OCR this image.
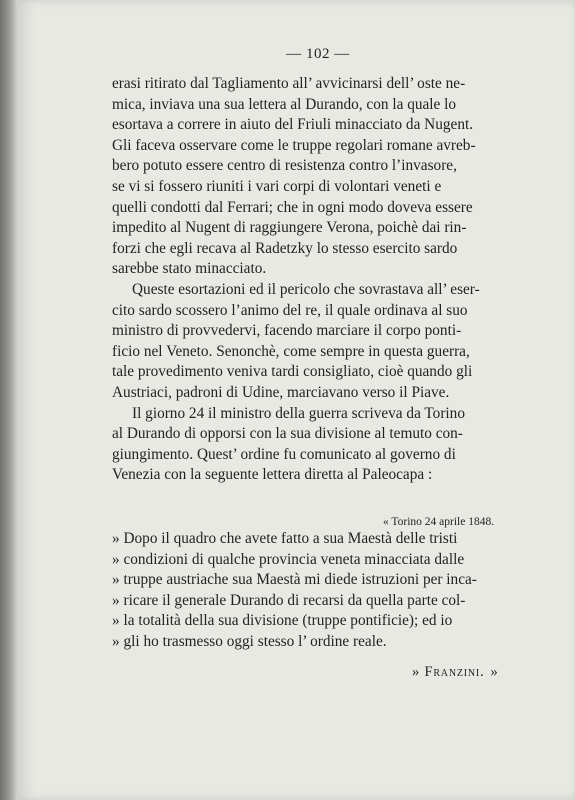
— 102 —
erasi ritirato dal Tagliamento all’ avvicinarsi dell’ oste ne-
mica, inviava una sua lettera al Durando, con la quale lo
esortava a correre in aiuto del Friuli minacciato da Nugent.
Gli faceva osservare come le truppe regolari romane avreb-
bero potuto essere centro di resistenza contro l’invasore,
se vi si fossero riuniti i vari corpi di volontari veneti e
quelli condotti dal Ferrari; che in ogni modo doveva essere
impedito al Nugent di raggiungere Verona, poichè dai rin-
forzi che egli recava al Radetzky lo stesso esercito sardo
sarebbe stato minacciato.
Queste esortazioni ed il pericolo che sovrastava all’ eser-
cito sardo scossero l’animo del re, il quale ordinava al suo
ministro di provvedervi, facendo marciare il corpo ponti-
ficio nel Veneto. Senonchè, come sempre in questa guerra,
tale provedimento veniva tardi consigliato, cioè quando gli
Austriaci, padroni di Udine, marciavano verso il Piave.
Il giorno 24 il ministro della guerra scriveva da Torino
al Durando di opporsi con la sua divisione al temuto con-
giungimento. Quest’ ordine fu comunicato al governo di
Venezia con la seguente lettera diretta al Paleocapa :
« Torino 24 aprile 1848.
» Dopo il quadro che avete fatto a sua Maestà delle tristi
» condizioni di qualche provincia veneta minacciata dalle
» truppe austriache sua Maestà mi diede istruzioni per inca-
» ricare il generale Durando di recarsi da quella parte col-
» la totalità della sua divisione (truppe pontificie); ed io
» gli ho trasmesso oggi stesso l’ ordine reale.
» Franzini. »
